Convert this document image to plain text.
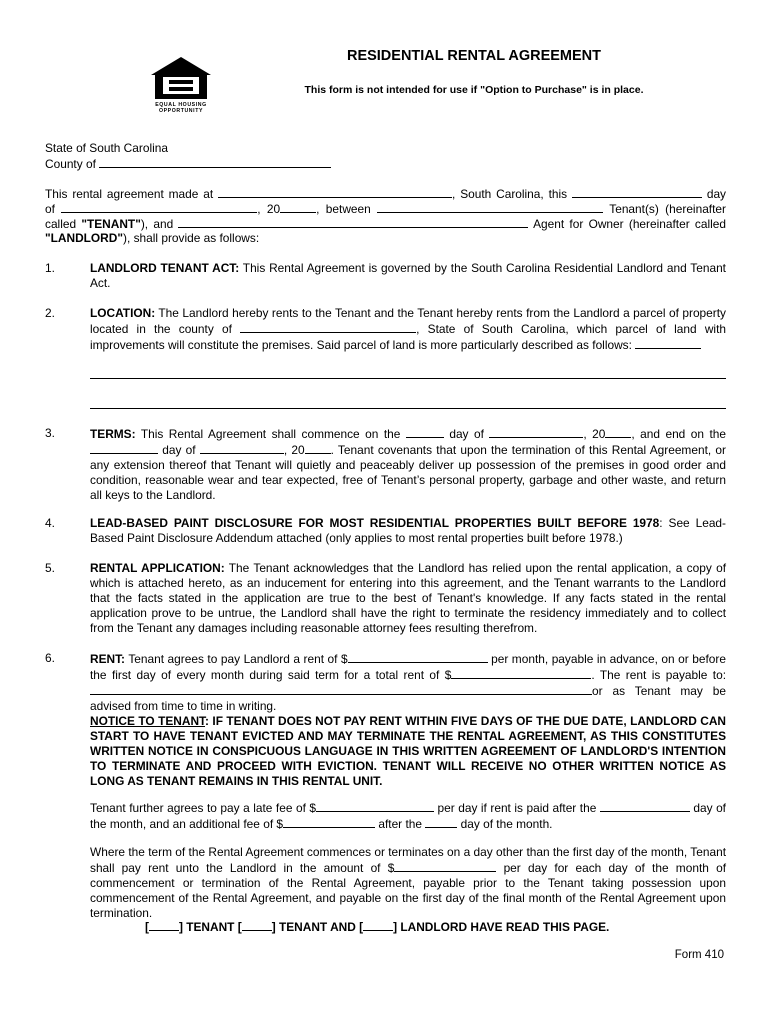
EQUAL HOUSING
OPPORTUNITY
RESIDENTIAL RENTAL AGREEMENT
This form is not intended for use if "Option to Purchase" is in place.
State of South Carolina
County of
This rental agreement made at	, South Carolina, this	day
of	, 20	, between	Tenant(s) (hereinafter
called "TENANT"), and	Agent for Owner (hereinafter called
"LANDLORD"), shall provide as follows:
1.	LANDLORD TENANT ACT: This Rental Agreement is governed by the South Carolina Residential Landlord and Tenant Act.
2.	LOCATION: The Landlord hereby rents to the Tenant and the Tenant hereby rents from the Landlord a parcel of property located in the county of	, State of South Carolina, which parcel of land with improvements will constitute the premises. Said parcel of land is more particularly described as follows:
3.	TERMS: This Rental Agreement shall commence on the	day of	, 20 , and end on the  day of	, 20 . Tenant covenants that upon the termination of this Rental Agreement, or any extension thereof that Tenant will quietly and peaceably deliver up possession of the premises in good order and condition, reasonable wear and tear expected, free of Tenant’s personal property, garbage and other waste, and return all keys to the Landlord.
4.	LEAD-BASED PAINT DISCLOSURE FOR MOST RESIDENTIAL PROPERTIES BUILT BEFORE 1978: See Lead-Based Paint Disclosure Addendum attached (only applies to most rental properties built before 1978.)
5.	RENTAL APPLICATION: The Tenant acknowledges that the Landlord has relied upon the rental application, a copy of which is attached hereto, as an inducement for entering into this agreement, and the Tenant warrants to the Landlord that the facts stated in the application are true to the best of Tenant's knowledge. If any facts stated in the rental application prove to be untrue, the Landlord shall have the right to terminate the residency immediately and to collect from the Tenant any damages including reasonable attorney fees resulting therefrom.
6.	RENT: Tenant agrees to pay Landlord a rent of $	per month, payable in advance, on or before the first day of every month during said term for a total rent of $	. The rent is payable to: or as Tenant may be advised from time to time in writing.
NOTICE TO TENANT: IF TENANT DOES NOT PAY RENT WITHIN FIVE DAYS OF THE DUE DATE, LANDLORD CAN START TO HAVE TENANT EVICTED AND MAY TERMINATE THE RENTAL AGREEMENT, AS THIS CONSTITUTES WRITTEN NOTICE IN CONSPICUOUS LANGUAGE IN THIS WRITTEN AGREEMENT OF LANDLORD'S INTENTION TO TERMINATE AND PROCEED WITH EVICTION. TENANT WILL RECEIVE NO OTHER WRITTEN NOTICE AS LONG AS TENANT REMAINS IN THIS RENTAL UNIT.
Tenant further agrees to pay a late fee of $	per day if rent is paid after the	day of the month, and an additional fee of $	after the	day of the month.
Where the term of the Rental Agreement commences or terminates on a day other than the first day of the month, Tenant shall pay rent unto the Landlord in the amount of $	per day for each day of the month of commencement or termination of the Rental Agreement, payable prior to the Tenant taking possession upon commencement of the Rental Agreement, and payable on the first day of the final month of the Rental Agreement upon termination.
[	] TENANT [	] TENANT AND [	] LANDLORD HAVE READ THIS PAGE.
Form 410
